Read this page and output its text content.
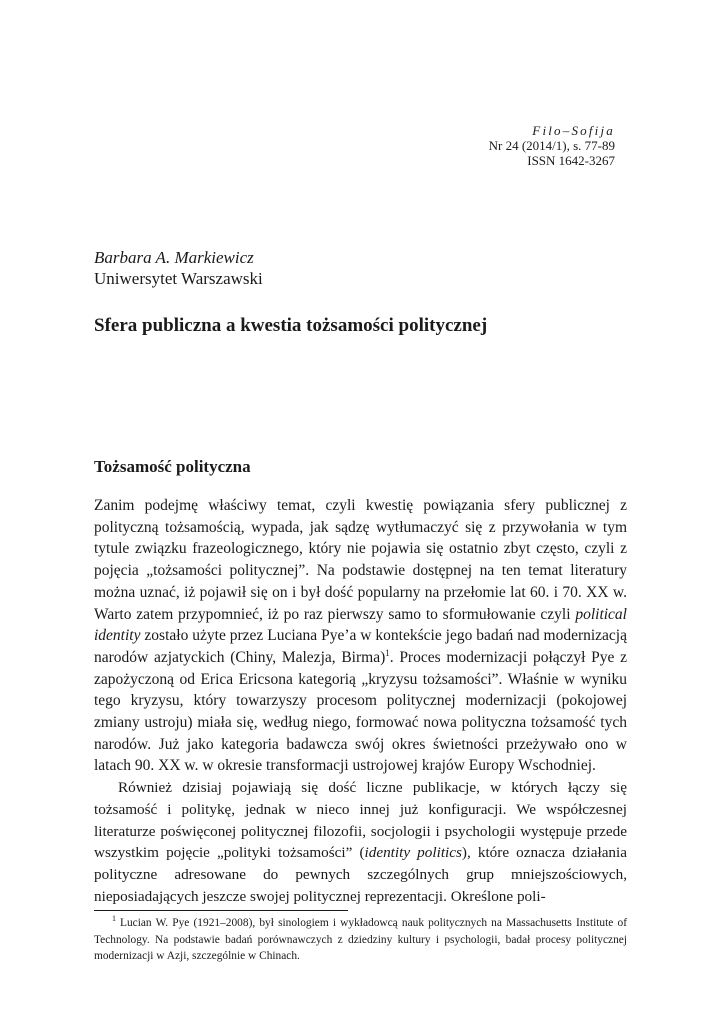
Filo–Sofija
Nr 24 (2014/1), s. 77-89
ISSN 1642-3267
Barbara A. Markiewicz
Uniwersytet Warszawski
Sfera publiczna a kwestia tożsamości politycznej
Tożsamość polityczna

Zanim podejmę właściwy temat, czyli kwestię powiązania sfery publicznej z polityczną tożsamością, wypada, jak sądzę wytłumaczyć się z przywołania w tym tytule związku frazeologicznego, który nie pojawia się ostatnio zbyt często, czyli z pojęcia „tożsamości politycznej”. Na podstawie dostępnej na ten temat literatury można uznać, iż pojawił się on i był dość popularny na przełomie lat 60. i 70. XX w. Warto zatem przypomnieć, iż po raz pierwszy samo to sformułowanie czyli political identity zostało użyte przez Luciana Pye’a w kontekście jego badań nad modernizacją narodów azjatyckich (Chiny, Malezja, Birma)$^1$. Proces modernizacji połączył Pye z zapożyczoną od Erica Ericsona kategorią „kryzysu tożsamości”. Właśnie w wyniku tego kryzysu, który towarzyszy procesom politycznej modernizacji (pokojowej zmiany ustroju) miała się, według niego, formować nowa polityczna tożsamość tych narodów. Już jako kategoria badawcza swój okres świetności przeżywało ono w latach 90. XX w. w okresie transformacji ustrojowej krajów Europy Wschodniej.

Również dzisiaj pojawiają się dość liczne publikacje, w których łączy się tożsamość i politykę, jednak w nieco innej już konfiguracji. We współczesnej literaturze poświęconej politycznej filozofii, socjologii i psychologii występuje przede wszystkim pojęcie „polityki tożsamości” (identity politics), które oznacza działania polityczne adresowane do pewnych szczególnych grup mniejszościowych, nieposiadających jeszcze swojej politycznej reprezentacji. Określone poli-

1 Lucian W. Pye (1921–2008), był sinologiem i wykładowcą nauk politycznych na Massachusetts Institute of Technology. Na podstawie badań porównawczych z dziedziny kultury i psychologii, badał procesy politycznej modernizacji w Azji, szczególnie w Chinach.
